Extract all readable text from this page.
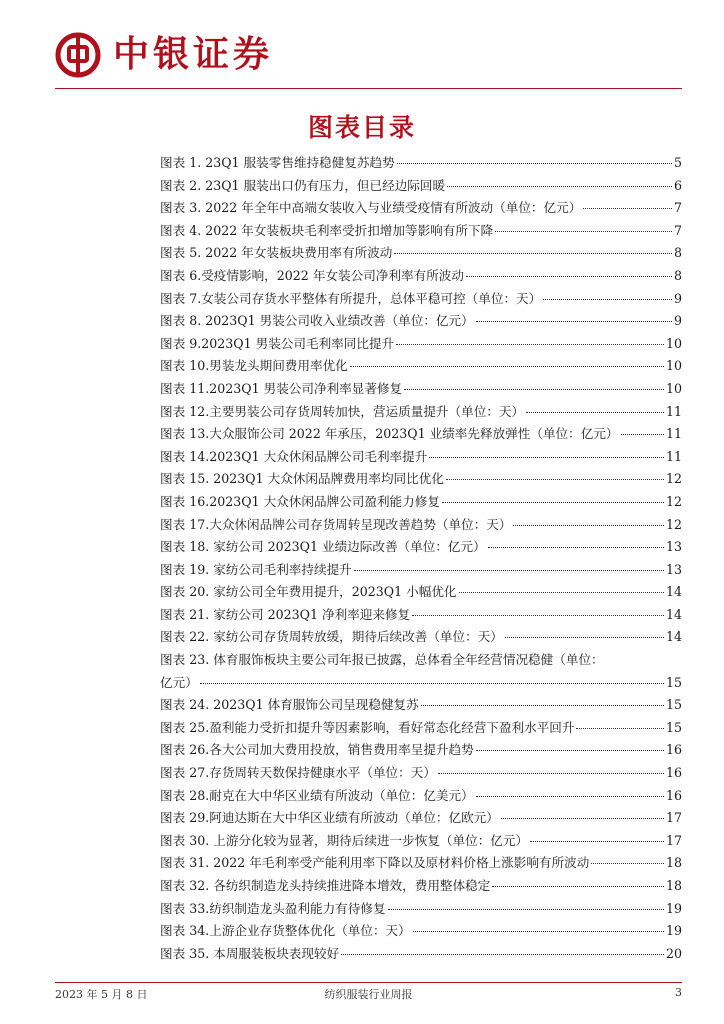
中银证券
图表目录
图表 1. 23Q1 服装零售维持稳健复苏趋势	5
图表 2. 23Q1 服装出口仍有压力，但已经边际回暖	6
图表 3. 2022 年全年中高端女装收入与业绩受疫情有所波动（单位：亿元）	7
图表 4. 2022 年女装板块毛利率受折扣增加等影响有所下降	7
图表 5. 2022 年女装板块费用率有所波动	8
图表 6.受疫情影响，2022 年女装公司净利率有所波动	8
图表 7.女装公司存货水平整体有所提升，总体平稳可控（单位：天）	9
图表 8. 2023Q1 男装公司收入业绩改善（单位：亿元）	9
图表 9.2023Q1 男装公司毛利率同比提升	10
图表 10.男装龙头期间费用率优化	10
图表 11.2023Q1 男装公司净利率显著修复	10
图表 12.主要男装公司存货周转加快，营运质量提升（单位：天）	11
图表 13.大众服饰公司 2022 年承压，2023Q1 业绩率先释放弹性（单位：亿元）	11
图表 14.2023Q1 大众休闲品牌公司毛利率提升	11
图表 15. 2023Q1 大众休闲品牌费用率均同比优化	12
图表 16.2023Q1 大众休闲品牌公司盈利能力修复	12
图表 17.大众休闲品牌公司存货周转呈现改善趋势（单位：天）	12
图表 18. 家纺公司 2023Q1 业绩边际改善（单位：亿元）	13
图表 19. 家纺公司毛利率持续提升	13
图表 20. 家纺公司全年费用提升，2023Q1 小幅优化	14
图表 21. 家纺公司 2023Q1 净利率迎来修复	14
图表 22. 家纺公司存货周转放缓，期待后续改善（单位：天）	14
图表 23. 体育服饰板块主要公司年报已披露，总体看全年经营情况稳健（单位：
亿元）	15
图表 24. 2023Q1 体育服饰公司呈现稳健复苏	15
图表 25.盈利能力受折扣提升等因素影响，看好常态化经营下盈利水平回升	15
图表 26.各大公司加大费用投放，销售费用率呈提升趋势	16
图表 27.存货周转天数保持健康水平（单位：天）	16
图表 28.耐克在大中华区业绩有所波动（单位：亿美元）	16
图表 29.阿迪达斯在大中华区业绩有所波动（单位：亿欧元）	17
图表 30. 上游分化较为显著，期待后续进一步恢复（单位：亿元）	17
图表 31. 2022 年毛利率受产能利用率下降以及原材料价格上涨影响有所波动	18
图表 32. 各纺织制造龙头持续推进降本增效，费用整体稳定	18
图表 33.纺织制造龙头盈利能力有待修复	19
图表 34.上游企业存货整体优化（单位：天）	19
图表 35. 本周服装板块表现较好	20
2023 年 5 月 8 日	纺织服装行业周报	3
